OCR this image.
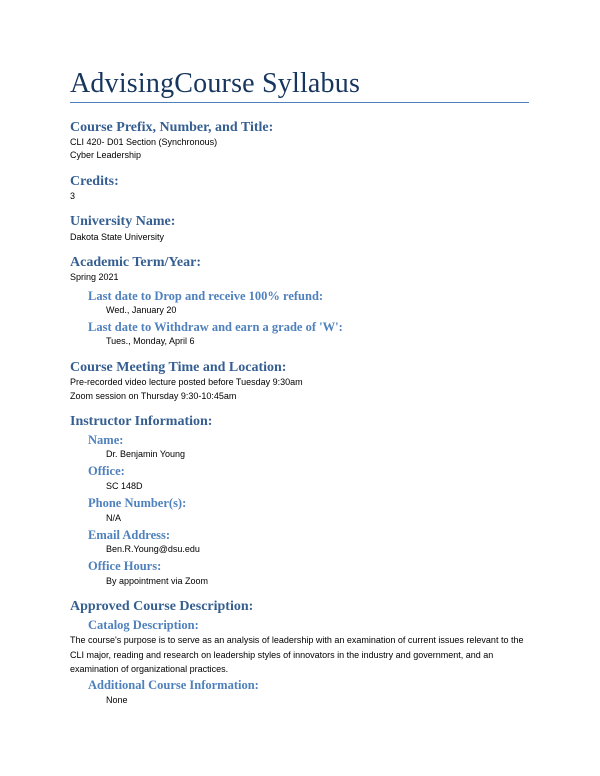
AdvisingCourse Syllabus
Course Prefix, Number, and Title:
CLI 420- D01 Section (Synchronous)
Cyber Leadership
Credits:
3
University Name:
Dakota State University
Academic Term/Year:
Spring 2021
Last date to Drop and receive 100% refund:
Wed., January 20
Last date to Withdraw and earn a grade of 'W':
Tues., Monday, April 6
Course Meeting Time and Location:
Pre-recorded video lecture posted before Tuesday 9:30am
Zoom session on Thursday 9:30-10:45am
Instructor Information:
Name:
Dr. Benjamin Young
Office:
SC 148D
Phone Number(s):
N/A
Email Address:
Ben.R.Young@dsu.edu
Office Hours:
By appointment via Zoom
Approved Course Description:
Catalog Description:
The course's purpose is to serve as an analysis of leadership with an examination of current issues relevant to the CLI major, reading and research on leadership styles of innovators in the industry and government, and an examination of organizational practices.
Additional Course Information:
None
